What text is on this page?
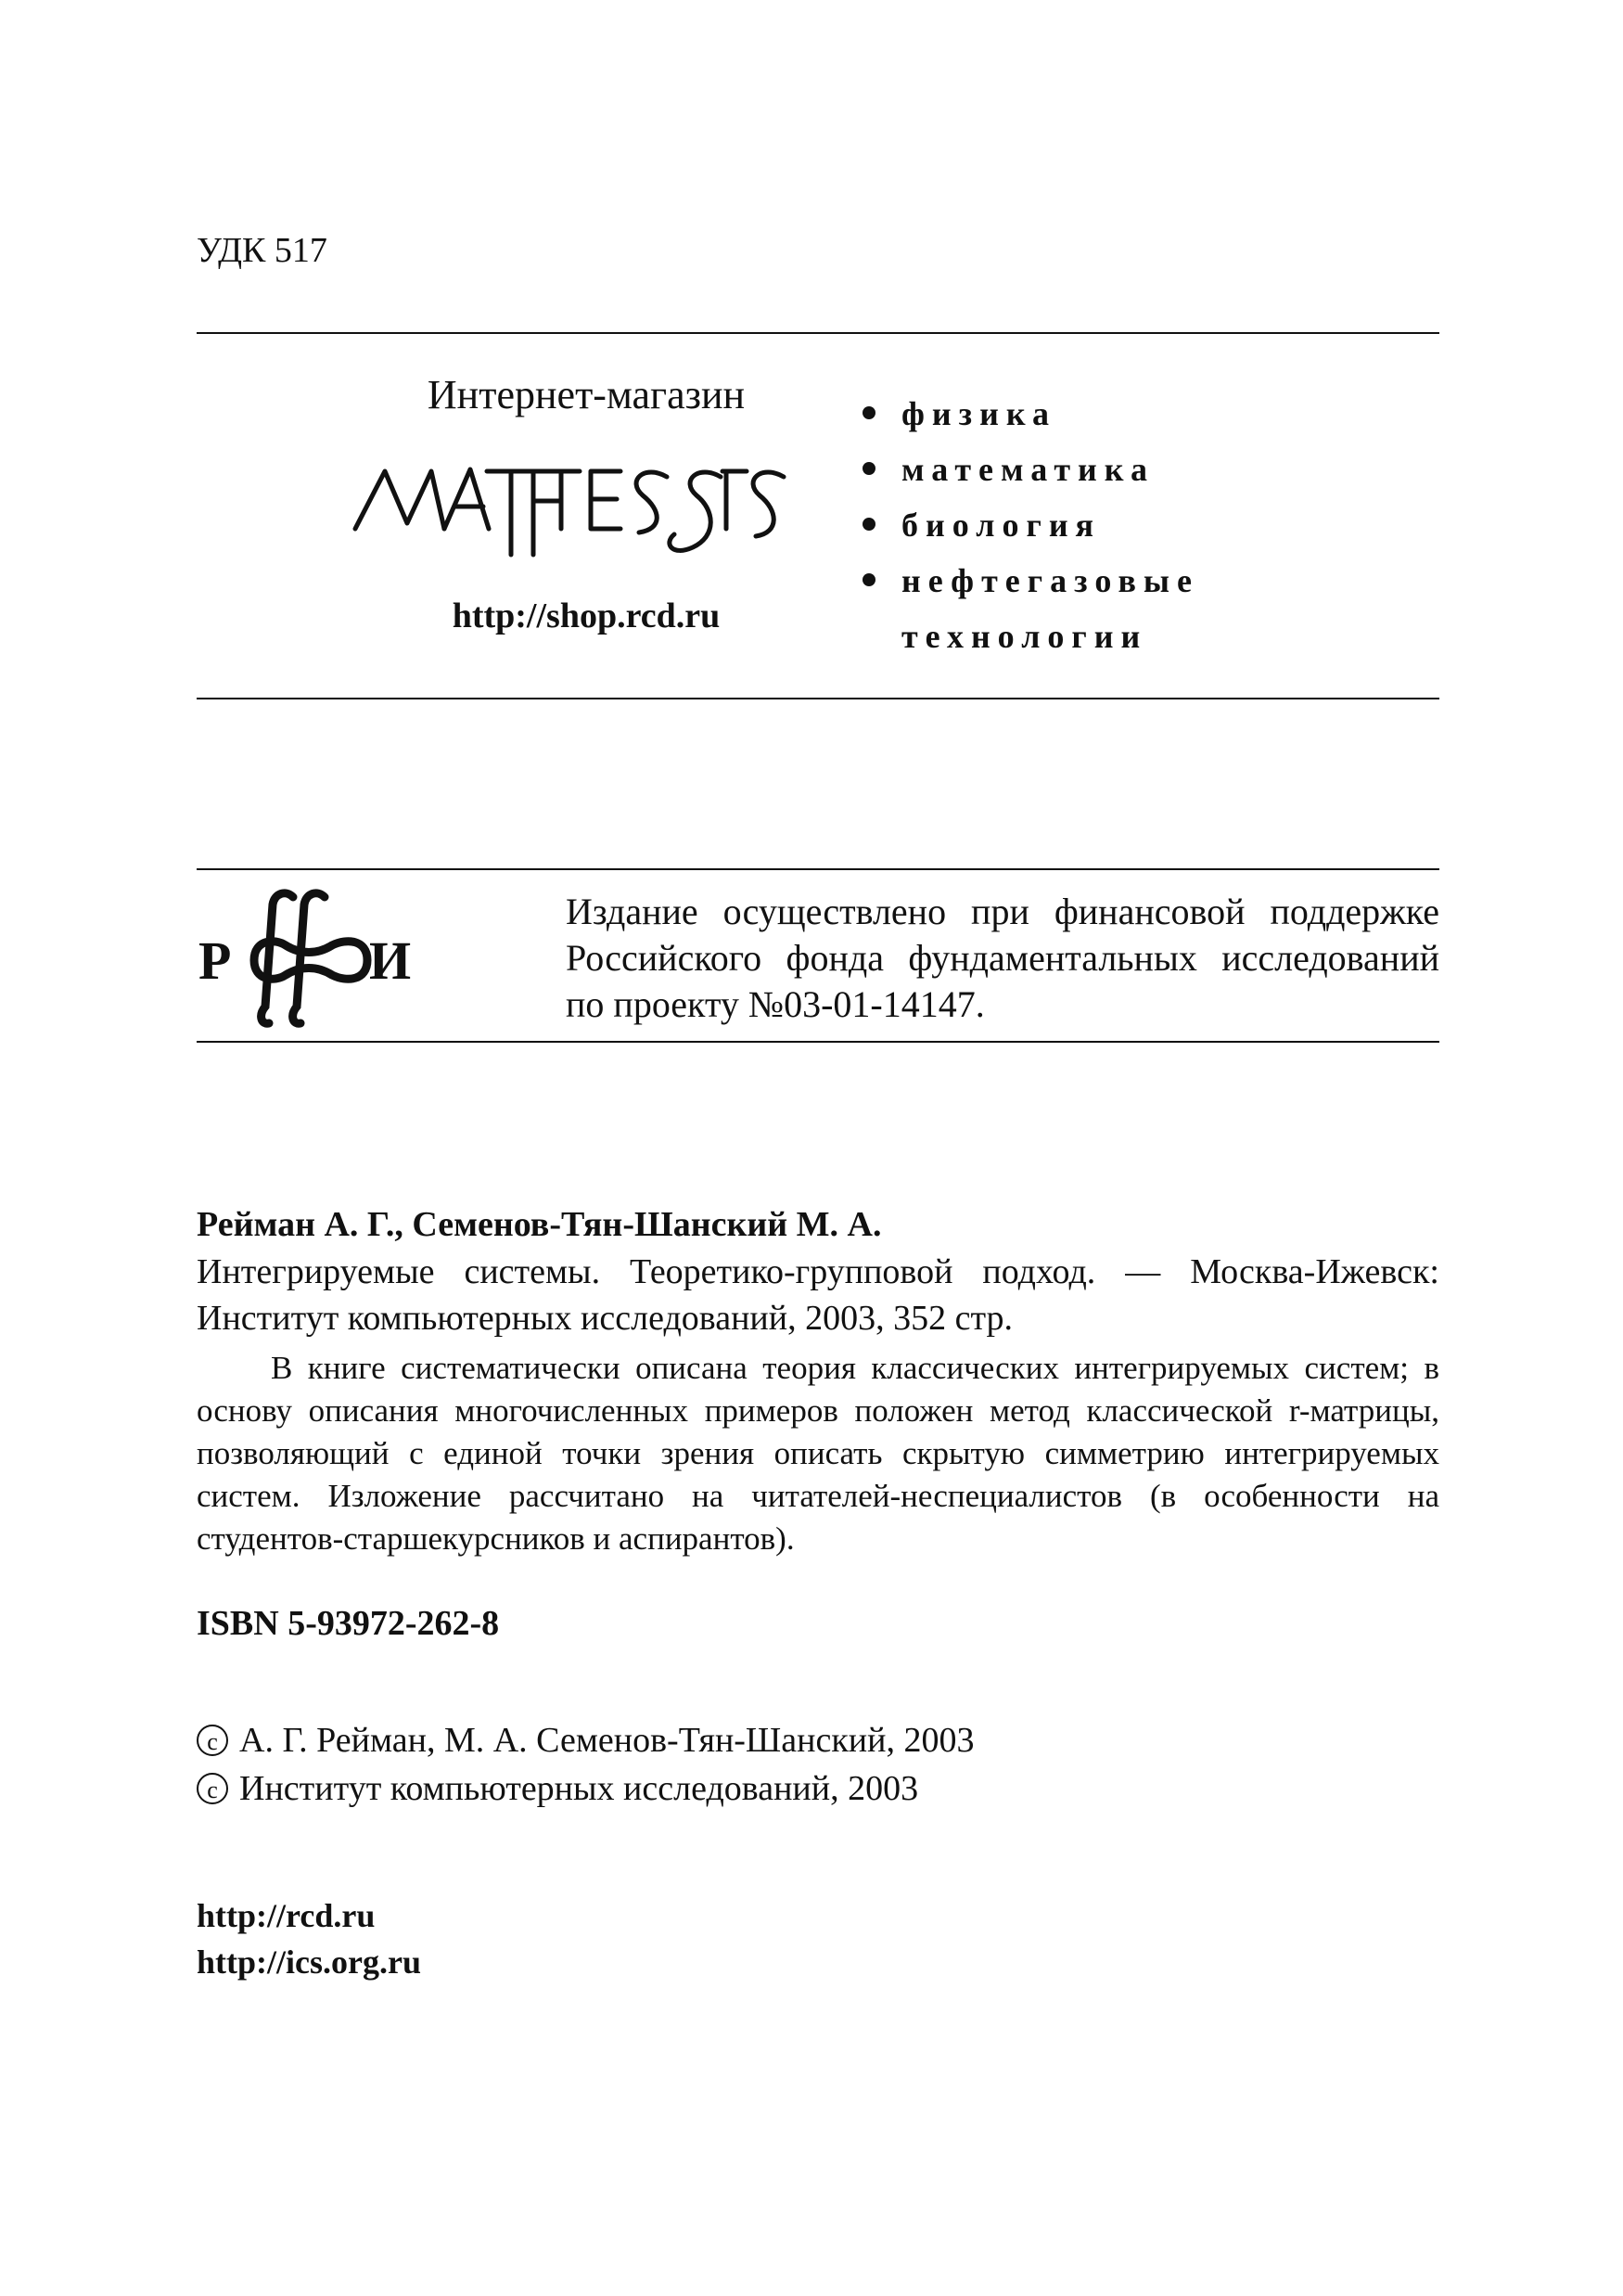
УДК 517
Интернет-магазин
MATHESIS
http://shop.rcd.ru
физика
математика
биология
нефтегазовые
технологии
РФФИ
Р	И
Издание осуществлено при финансовой поддержке Российского фонда фундаментальных исследований по проекту №03-01-14147.
Рейман А. Г., Семенов-Тян-Шанский М. А.
Интегрируемые системы. Теоретико-групповой подход. — Москва-Ижевск: Институт компьютерных исследований, 2003, 352 стр.
В книге систематически описана теория классических интегрируемых систем; в основу описания многочисленных примеров положен метод классической r-матрицы, позволяющий с единой точки зрения описать скрытую симметрию интегрируемых систем. Изложение рассчитано на читателей-неспециалистов (в особенности на студентов-старшекурсников и аспирантов).
ISBN 5-93972-262-8
c А. Г. Рейман, М. А. Семенов-Тян-Шанский, 2003
c Институт компьютерных исследований, 2003
http://rcd.ru
http://ics.org.ru
